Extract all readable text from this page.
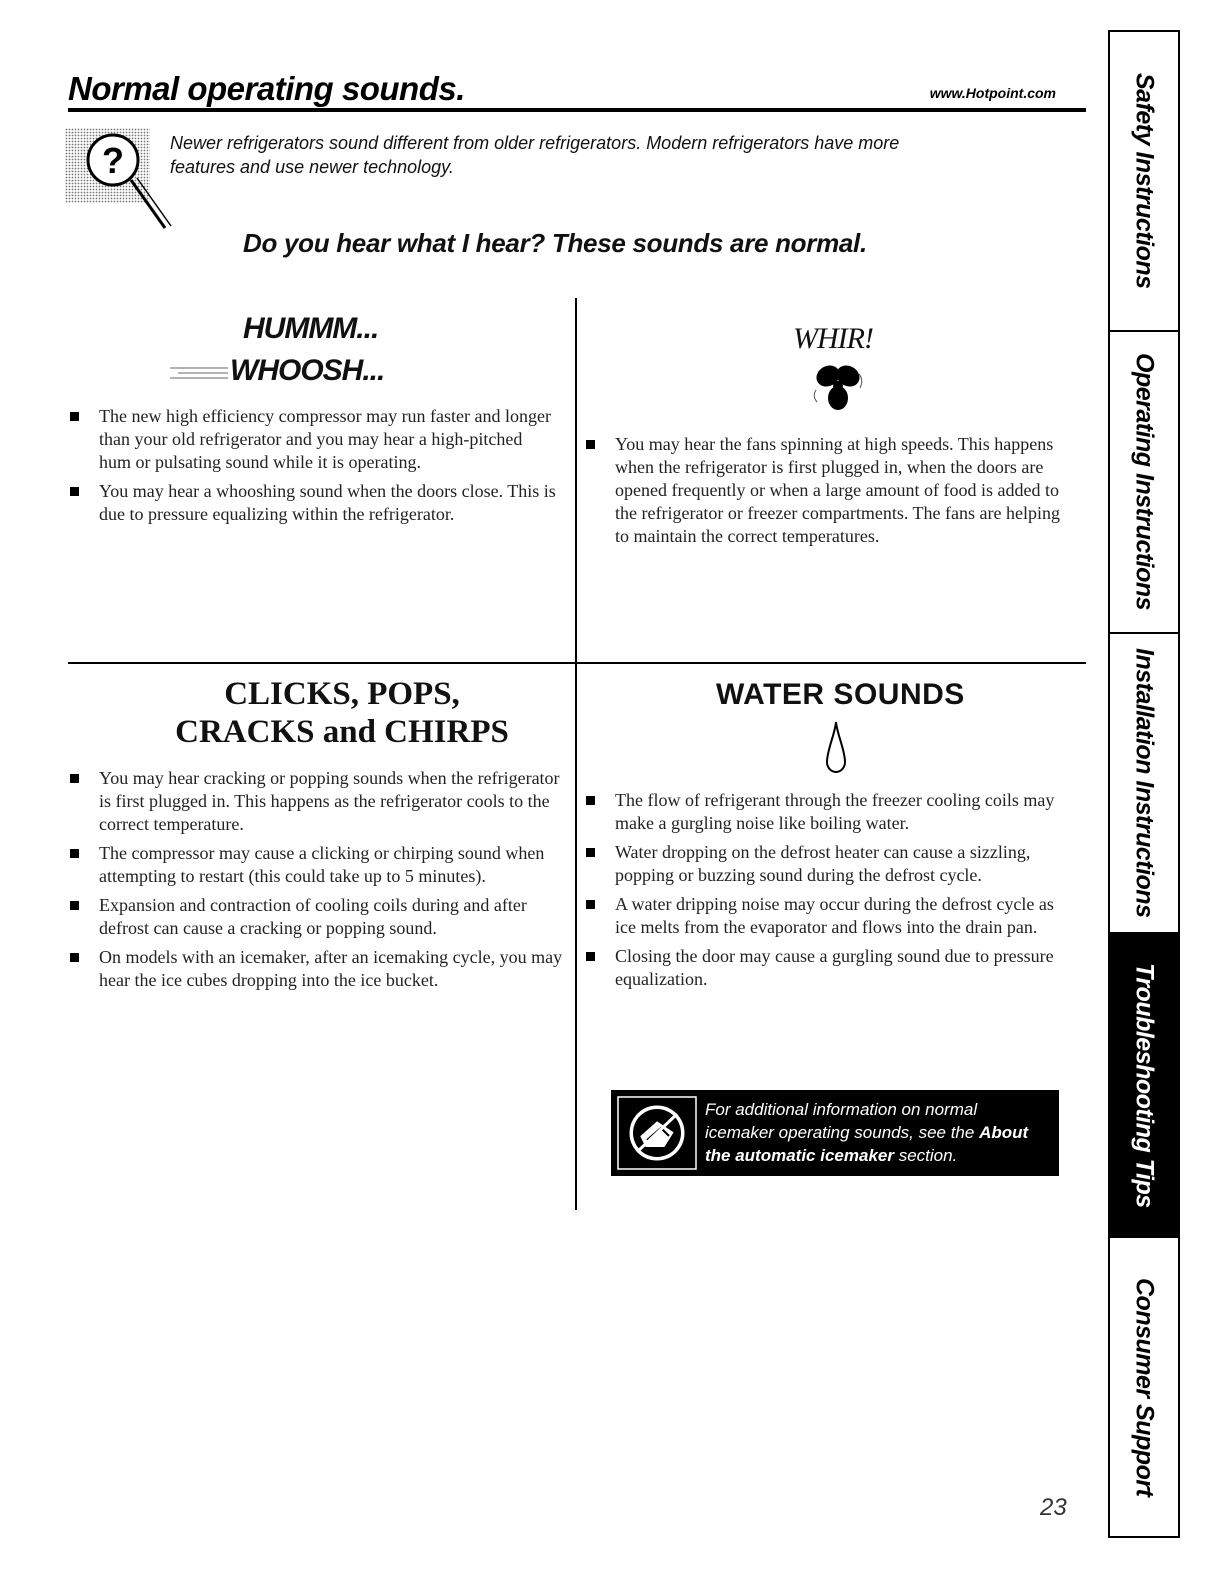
Normal operating sounds.	www.Hotpoint.com
?	Newer refrigerators sound different from older refrigerators. Modern refrigerators have more features and use newer technology.
Do you hear what I hear? These sounds are normal.
HUMMM...
WHOOSH...
The new high efficiency compressor may run faster and longer than your old refrigerator and you may hear a high-pitched hum or pulsating sound while it is operating.
You may hear a whooshing sound when the doors close. This is due to pressure equalizing within the refrigerator.
WHIR!
You may hear the fans spinning at high speeds. This happens when the refrigerator is first plugged in, when the doors are opened frequently or when a large amount of food is added to the refrigerator or freezer compartments. The fans are helping to maintain the correct temperatures.
CLICKS, POPS,
CRACKS and CHIRPS
You may hear cracking or popping sounds when the refrigerator is first plugged in. This happens as the refrigerator cools to the correct temperature.
The compressor may cause a clicking or chirping sound when attempting to restart (this could take up to 5 minutes).
Expansion and contraction of cooling coils during and after defrost can cause a cracking or popping sound.
On models with an icemaker, after an icemaking cycle, you may hear the ice cubes dropping into the ice bucket.
WATER SOUNDS
The flow of refrigerant through the freezer cooling coils may make a gurgling noise like boiling water.
Water dropping on the defrost heater can cause a sizzling, popping or buzzing sound during the defrost cycle.
A water dripping noise may occur during the defrost cycle as ice melts from the evaporator and flows into the drain pan.
Closing the door may cause a gurgling sound due to pressure equalization.
For additional information on normal icemaker operating sounds, see the About the automatic icemaker section.
23
Safety Instructions
Operating Instructions
Installation Instructions
Troubleshooting Tips
Consumer Support
